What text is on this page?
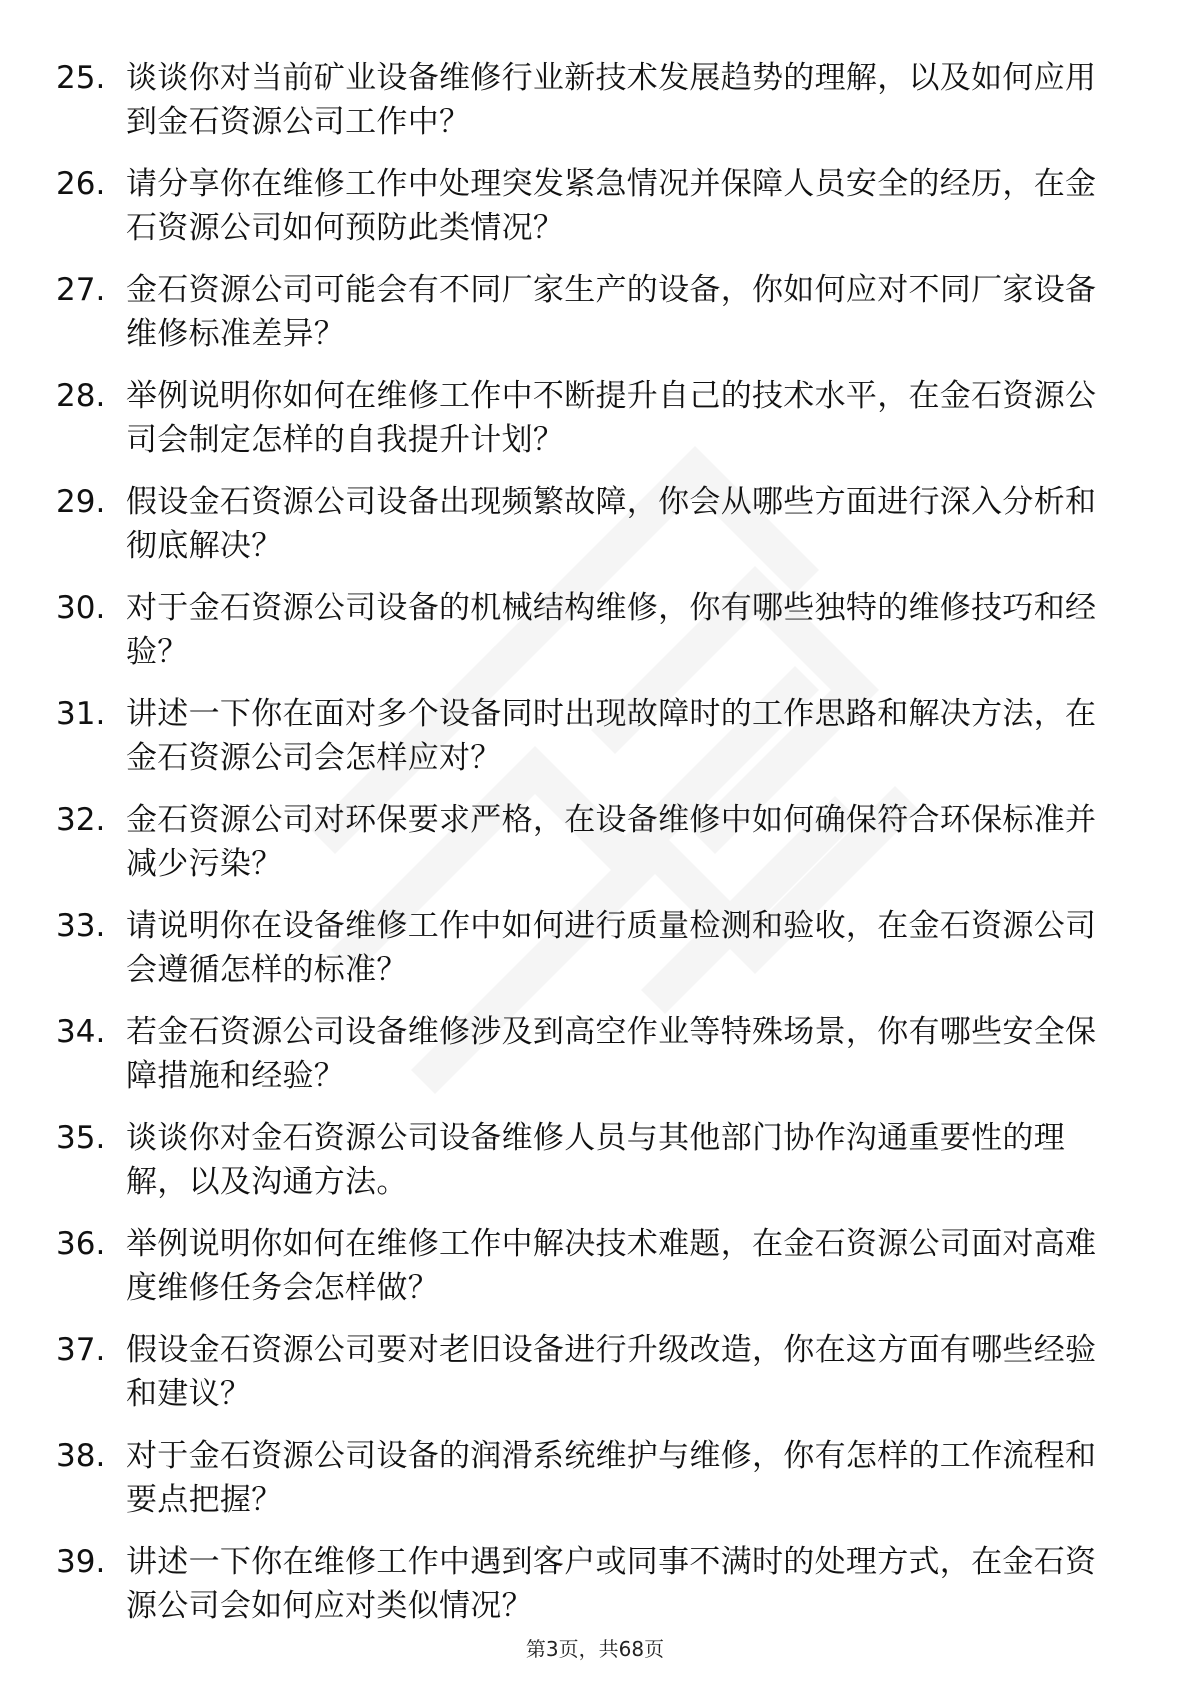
25. 谈谈你对当前矿业设备维修行业新技术发展趋势的理解，以及如何应用到金石资源公司工作中？
26. 请分享你在维修工作中处理突发紧急情况并保障人员安全的经历，在金石资源公司如何预防此类情况？
27. 金石资源公司可能会有不同厂家生产的设备，你如何应对不同厂家设备维修标准差异？
28. 举例说明你如何在维修工作中不断提升自己的技术水平，在金石资源公司会制定怎样的自我提升计划？
29. 假设金石资源公司设备出现频繁故障，你会从哪些方面进行深入分析和彻底解决？
30. 对于金石资源公司设备的机械结构维修，你有哪些独特的维修技巧和经验？
31. 讲述一下你在面对多个设备同时出现故障时的工作思路和解决方法，在金石资源公司会怎样应对？
32. 金石资源公司对环保要求严格，在设备维修中如何确保符合环保标准并减少污染？
33. 请说明你在设备维修工作中如何进行质量检测和验收，在金石资源公司会遵循怎样的标准？
34. 若金石资源公司设备维修涉及到高空作业等特殊场景，你有哪些安全保障措施和经验？
35. 谈谈你对金石资源公司设备维修人员与其他部门协作沟通重要性的理解，以及沟通方法。
36. 举例说明你如何在维修工作中解决技术难题，在金石资源公司面对高难度维修任务会怎样做？
37. 假设金石资源公司要对老旧设备进行升级改造，你在这方面有哪些经验和建议？
38. 对于金石资源公司设备的润滑系统维护与维修，你有怎样的工作流程和要点把握？
39. 讲述一下你在维修工作中遇到客户或同事不满时的处理方式，在金石资源公司会如何应对类似情况？
第3页，共68页
